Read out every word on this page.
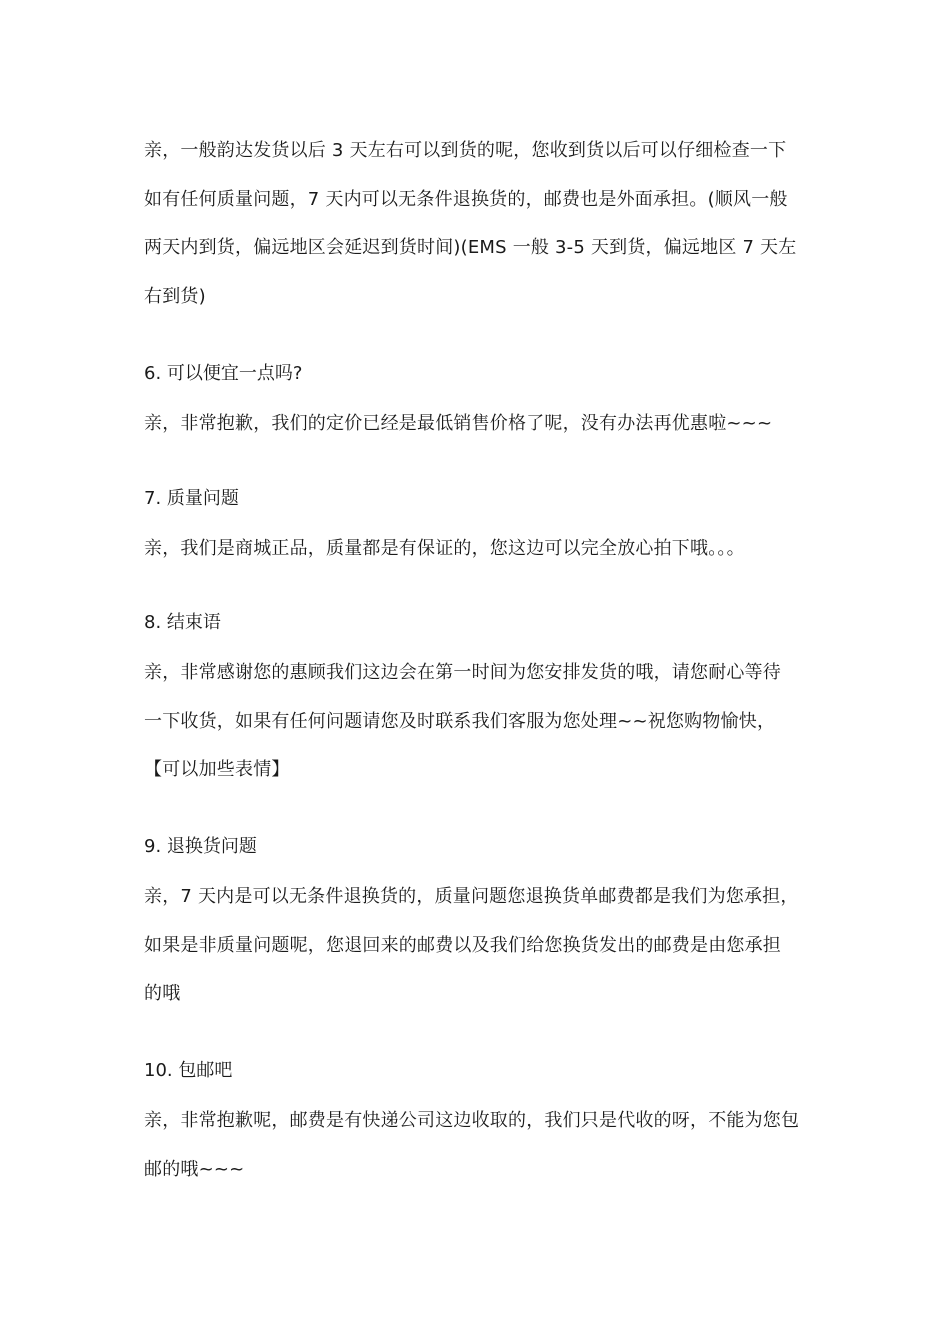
亲，一般韵达发货以后 3 天左右可以到货的呢，您收到货以后可以仔细检查一下
如有任何质量问题，7 天内可以无条件退换货的，邮费也是外面承担。(顺风一般
两天内到货，偏远地区会延迟到货时间)(EMS 一般 3-5 天到货，偏远地区 7 天左
右到货)
6. 可以便宜一点吗?
亲，非常抱歉，我们的定价已经是最低销售价格了呢，没有办法再优惠啦~~~
7. 质量问题
亲，我们是商城正品，质量都是有保证的，您这边可以完全放心拍下哦。。。
8. 结束语
亲，非常感谢您的惠顾我们这边会在第一时间为您安排发货的哦，请您耐心等待
一下收货，如果有任何问题请您及时联系我们客服为您处理~~祝您购物愉快，
【可以加些表情】
9. 退换货问题
亲，7 天内是可以无条件退换货的，质量问题您退换货单邮费都是我们为您承担，
如果是非质量问题呢，您退回来的邮费以及我们给您换货发出的邮费是由您承担
的哦
10. 包邮吧
亲，非常抱歉呢，邮费是有快递公司这边收取的，我们只是代收的呀，不能为您包
邮的哦~~~
